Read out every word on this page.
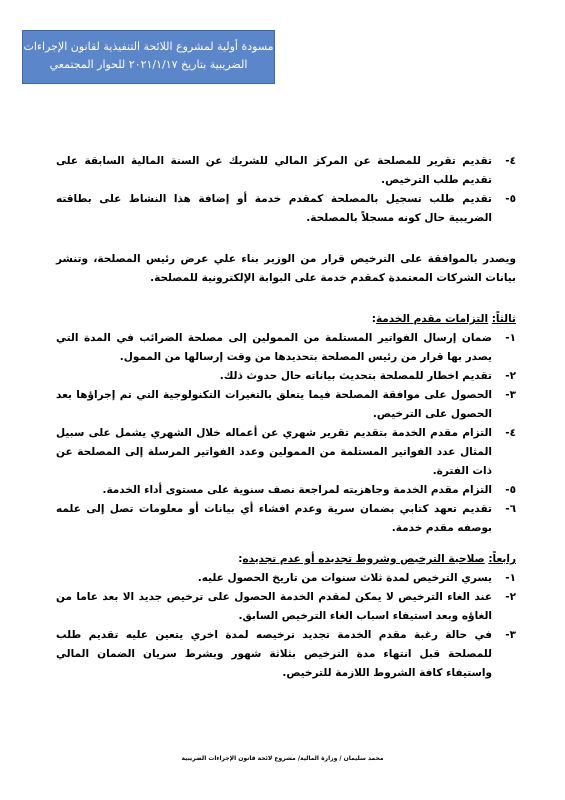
مسودة أولية لمشروع اللائحة التنفيذية لقانون الإجراءات
الضريبية بتاريخ ٢٠٢١/١/١٧ للحوار المجتمعي
٤-
تقديم تقرير للمصلحة عن المركز المالي للشريك عن السنة المالية السابقة على تقديم طلب الترخيص.
٥-
تقديم طلب تسجيل بالمصلحة كمقدم خدمة أو إضافة هذا النشاط على بطاقته الضريبية حال كونه مسجلاً بالمصلحة.

ويصدر بالموافقة على الترخيص قرار من الوزير بناء علي عرض رئيس المصلحة، وتنشر بيانات الشركات المعتمدة كمقدم خدمة على البوابة الإلكترونية للمصلحة.

ثالثاً: التزامات مقدم الخدمة:

١-
ضمان إرسال الفواتير المستلمة من الممولين إلى مصلحة الضرائب في المدة التي يصدر بها قرار من رئيس المصلحة بتحديدها من وقت إرسالها من الممول.
٢-
تقديم اخطار للمصلحة بتحديث بياناته حال حدوث ذلك.
٣-
الحصول على موافقة المصلحة فيما يتعلق بالتغيرات التكنولوجية التي تم إجراؤها بعد الحصول على الترخيص.
٤-
التزام مقدم الخدمة بتقديم تقرير شهري عن أعماله خلال الشهري يشمل على سبيل المثال عدد الفواتير المستلمة من الممولين وعدد الفواتير المرسلة إلى المصلحة عن ذات الفترة.
٥-
التزام مقدم الخدمة وجاهزيته لمراجعة نصف سنوية على مستوى أداء الخدمة.
٦-
تقديم تعهد كتابي بضمان سرية وعدم افشاء أي بيانات أو معلومات تصل إلى علمه بوصفه مقدم خدمة.

رابعاً: صلاحية الترخيص وشروط تجديده أو عدم تجديده:

١-
يسري الترخيص لمدة ثلاث سنوات من تاريخ الحصول عليه.
٢-
عند الغاء الترخيص لا يمكن لمقدم الخدمة الحصول على ترخيص جديد الا بعد عاما من الغاؤه وبعد استيفاء اسباب الغاء الترخيص السابق.
٣-
في حالة رغبة مقدم الخدمة تجديد ترخيصه لمدة اخري يتعين عليه تقديم طلب للمصلحة قبل انتهاء مدة الترخيص بثلاثة شهور وبشرط سريان الضمان المالي واستيفاء كافة الشروط اللازمة للترخيص.
محمد سليمان / وزارة المالية/ مشروع لائحة قانون الإجراءات الضريبية
